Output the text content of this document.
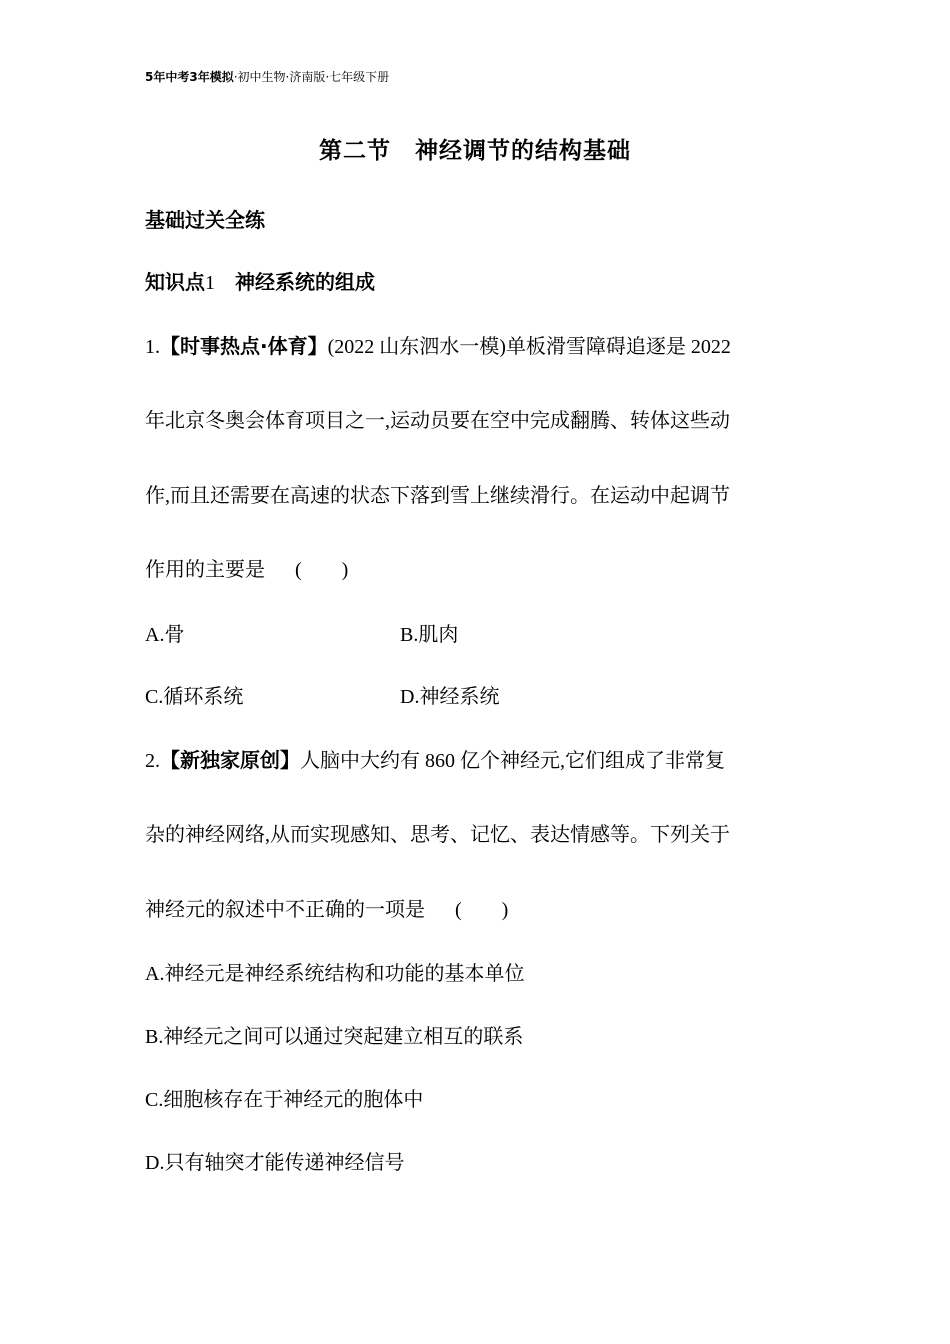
5年中考3年模拟·初中生物·济南版·七年级下册
第二节　神经调节的结构基础
基础过关全练
知识点1　 神经系统的组成
1.【时事热点·体育】(2022 山东泗水一模)单板滑雪障碍追逐是 2022
年北京冬奥会体育项目之一,运动员要在空中完成翻腾、转体这些动
作,而且还需要在高速的状态下落到雪上继续滑行。在运动中起调节
作用的主要是 (　　)
A.骨	B.肌肉
C.循环系统	D.神经系统
2.【新独家原创】人脑中大约有 860 亿个神经元,它们组成了非常复
杂的神经网络,从而实现感知、思考、记忆、表达情感等。下列关于
神经元的叙述中不正确的一项是 (　　)
A.神经元是神经系统结构和功能的基本单位
B.神经元之间可以通过突起建立相互的联系
C.细胞核存在于神经元的胞体中
D.只有轴突才能传递神经信号
